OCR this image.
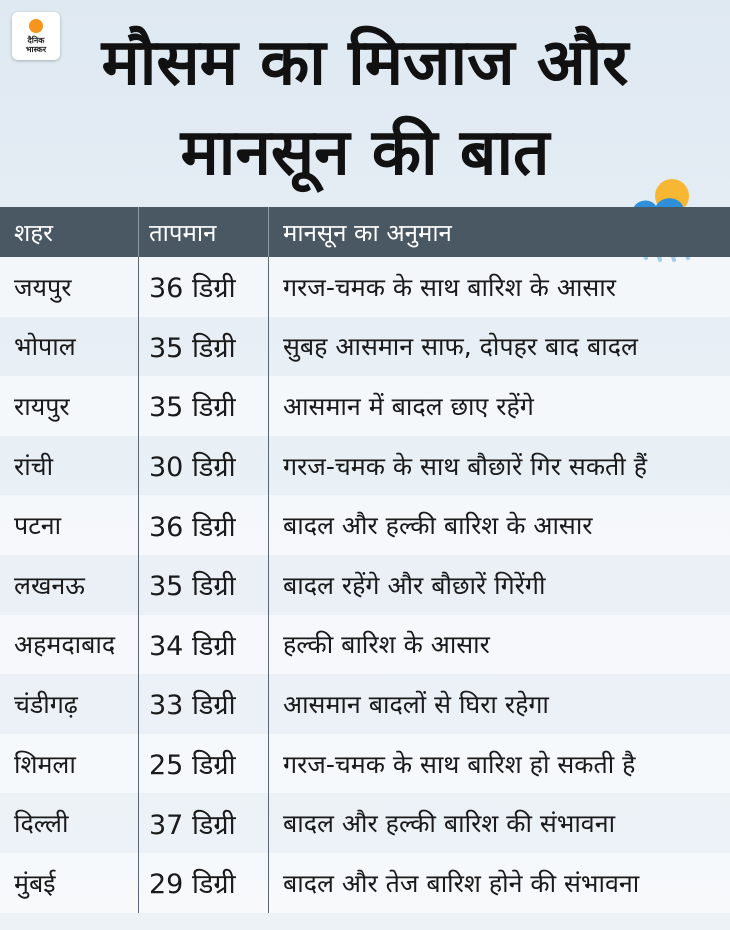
दैनिक
भास्कर मौसम का मिजाज और
मानसून की बात
शहर	तापमान	मानसून का अनुमान
जयपुर	36 डिग्री	गरज-चमक के साथ बारिश के आसार
भोपाल	35 डिग्री	सुबह आसमान साफ, दोपहर बाद बादल
रायपुर	35 डिग्री	आसमान में बादल छाए रहेंगे
रांची	30 डिग्री	गरज-चमक के साथ बौछारें गिर सकती हैं
पटना	36 डिग्री	बादल और हल्की बारिश के आसार
लखनऊ	35 डिग्री	बादल रहेंगे और बौछारें गिरेंगी
अहमदाबाद	34 डिग्री	हल्की बारिश के आसार
चंडीगढ़	33 डिग्री	आसमान बादलों से घिरा रहेगा
शिमला	25 डिग्री	गरज-चमक के साथ बारिश हो सकती है
दिल्ली	37 डिग्री	बादल और हल्की बारिश की संभावना
मुंबई	29 डिग्री	बादल और तेज बारिश होने की संभावना
